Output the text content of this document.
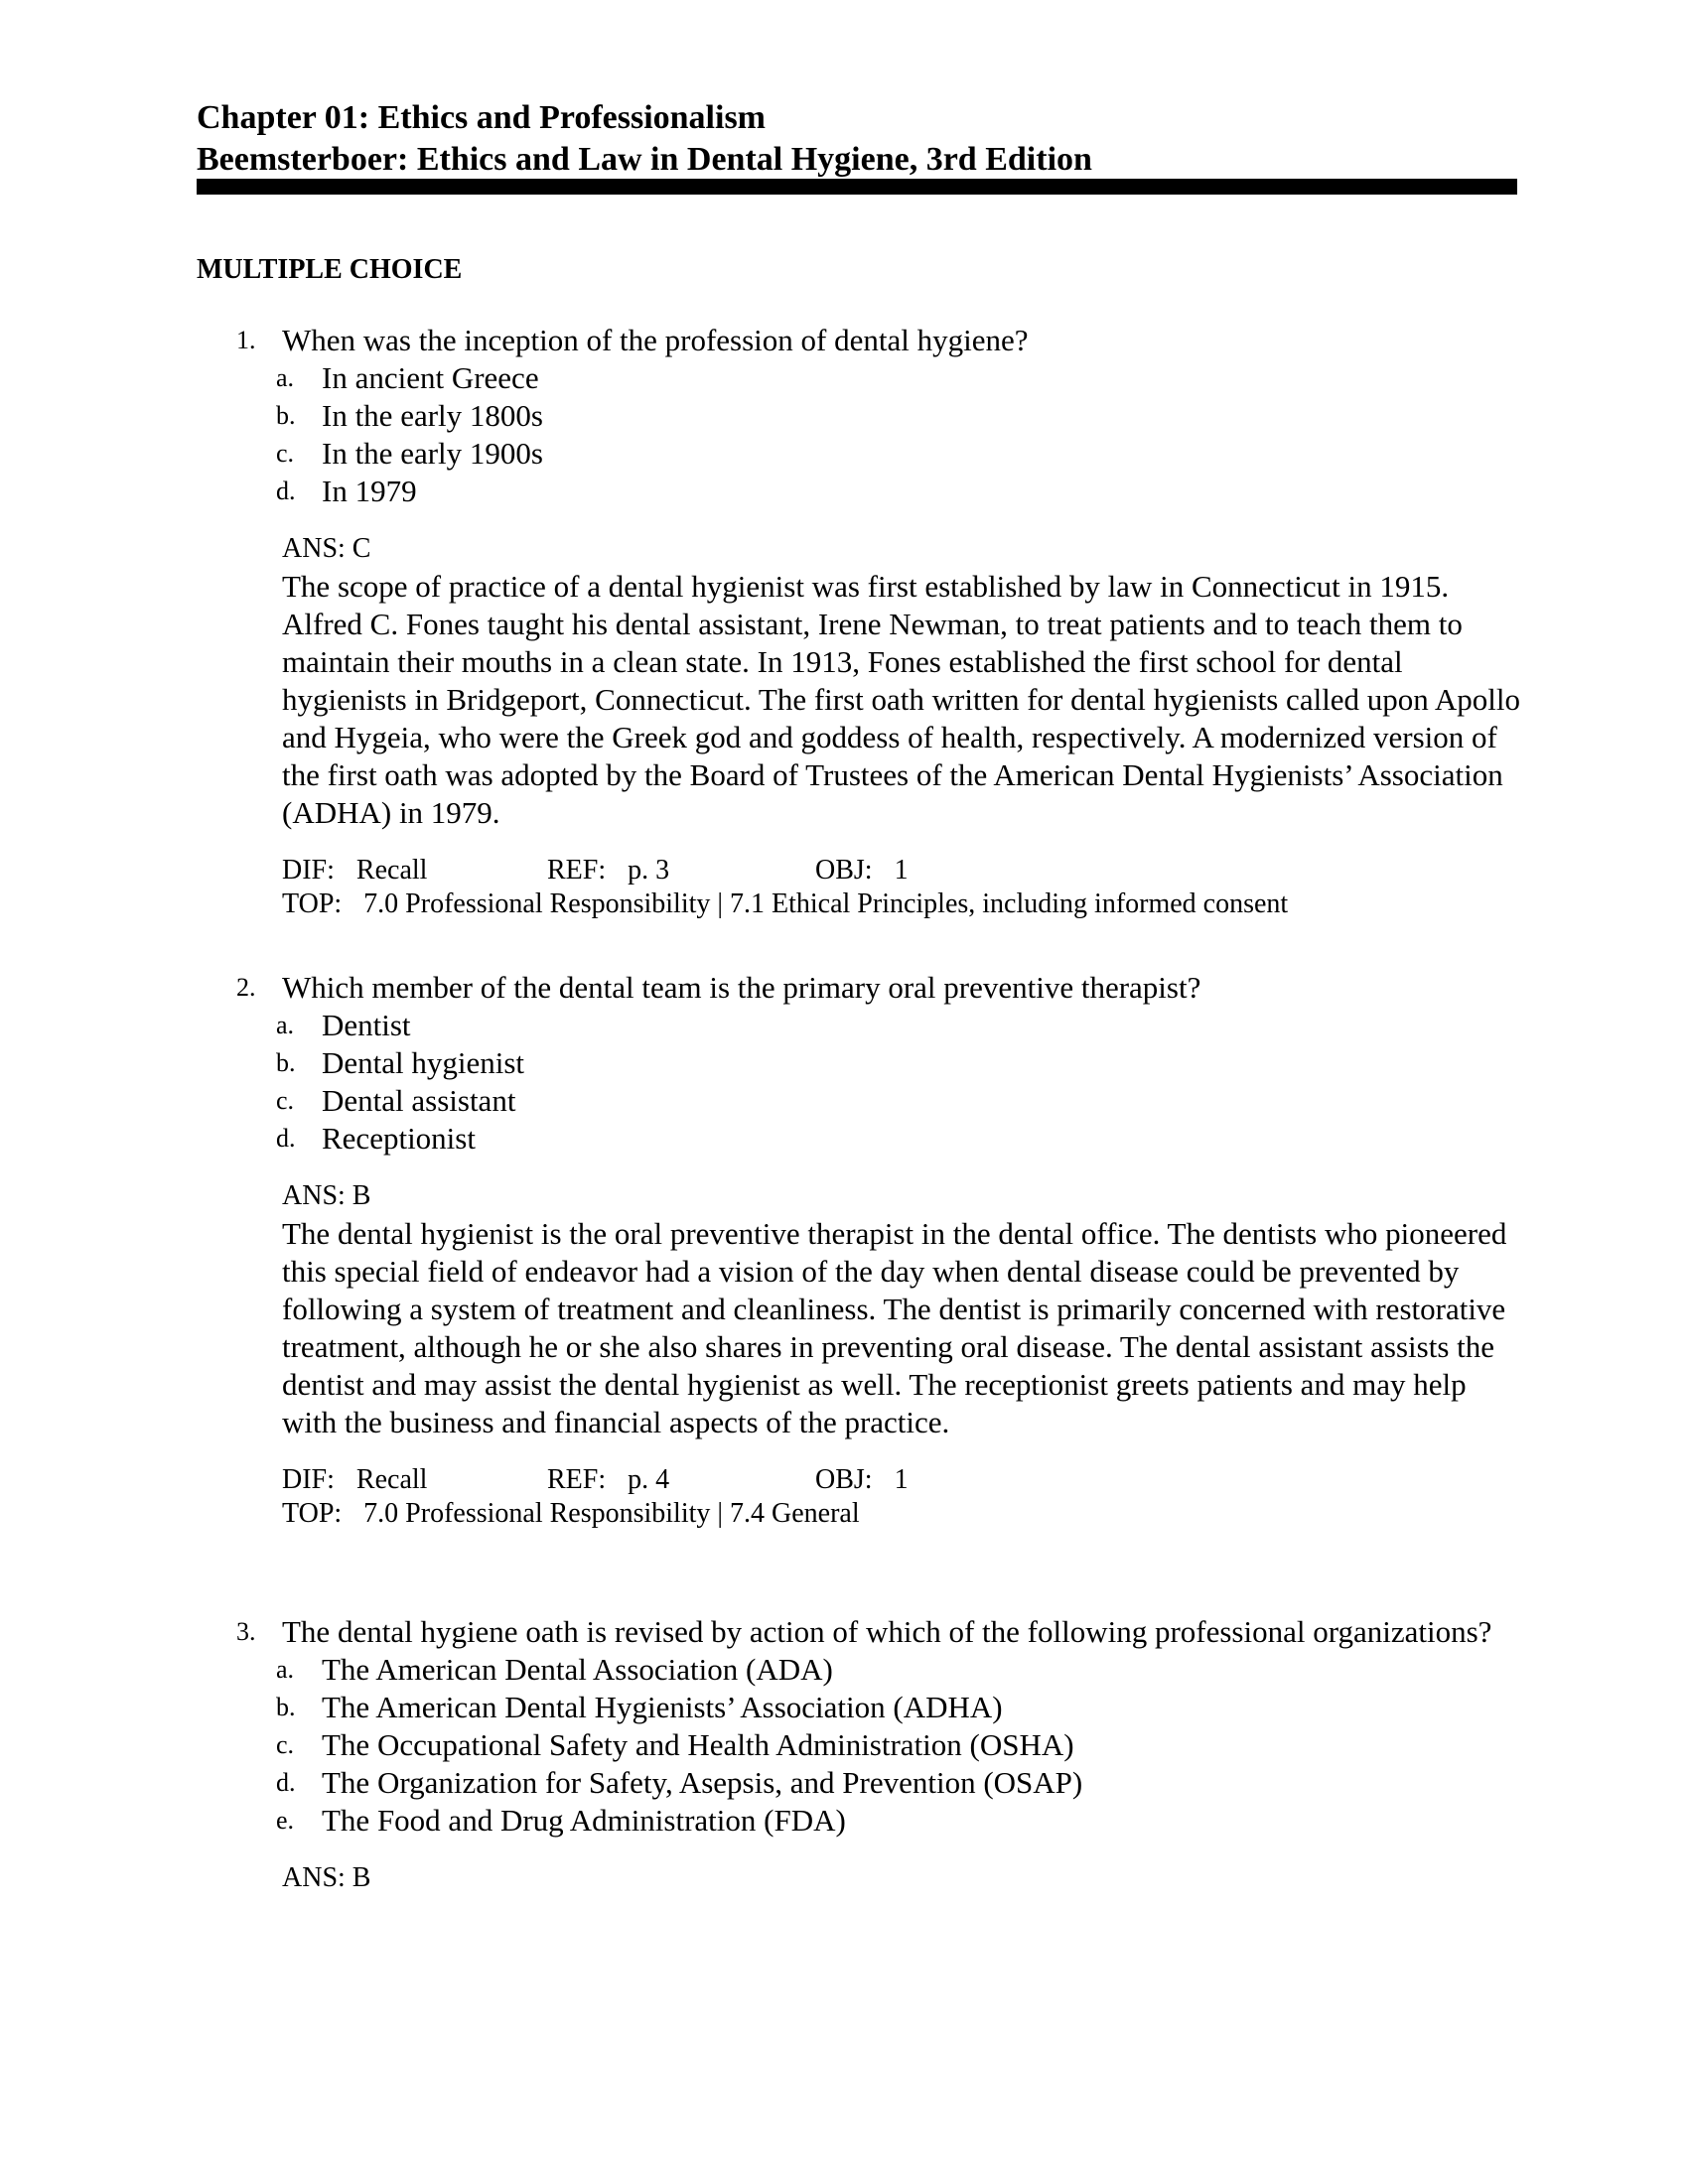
Chapter 01: Ethics and Professionalism
Beemsterboer: Ethics and Law in Dental Hygiene, 3rd Edition
MULTIPLE CHOICE
1. When was the inception of the profession of dental hygiene?
a. In ancient Greece
b. In the early 1800s
c. In the early 1900s
d. In 1979
ANS: C
The scope of practice of a dental hygienist was first established by law in Connecticut in 1915. Alfred C. Fones taught his dental assistant, Irene Newman, to treat patients and to teach them to maintain their mouths in a clean state. In 1913, Fones established the first school for dental hygienists in Bridgeport, Connecticut. The first oath written for dental hygienists called upon Apollo and Hygeia, who were the Greek god and goddess of health, respectively. A modernized version of the first oath was adopted by the Board of Trustees of the American Dental Hygienists’ Association (ADHA) in 1979.
DIF: Recall	REF: p. 3	OBJ: 1
TOP: 7.0 Professional Responsibility | 7.1 Ethical Principles, including informed consent
2. Which member of the dental team is the primary oral preventive therapist?
a. Dentist
b. Dental hygienist
c. Dental assistant
d. Receptionist
ANS: B
The dental hygienist is the oral preventive therapist in the dental office. The dentists who pioneered this special field of endeavor had a vision of the day when dental disease could be prevented by following a system of treatment and cleanliness. The dentist is primarily concerned with restorative treatment, although he or she also shares in preventing oral disease. The dental assistant assists the dentist and may assist the dental hygienist as well. The receptionist greets patients and may help with the business and financial aspects of the practice.
DIF: Recall	REF: p. 4	OBJ: 1
TOP: 7.0 Professional Responsibility | 7.4 General
3. The dental hygiene oath is revised by action of which of the following professional organizations?
a. The American Dental Association (ADA)
b. The American Dental Hygienists’ Association (ADHA)
c. The Occupational Safety and Health Administration (OSHA)
d. The Organization for Safety, Asepsis, and Prevention (OSAP)
e. The Food and Drug Administration (FDA)
ANS: B
